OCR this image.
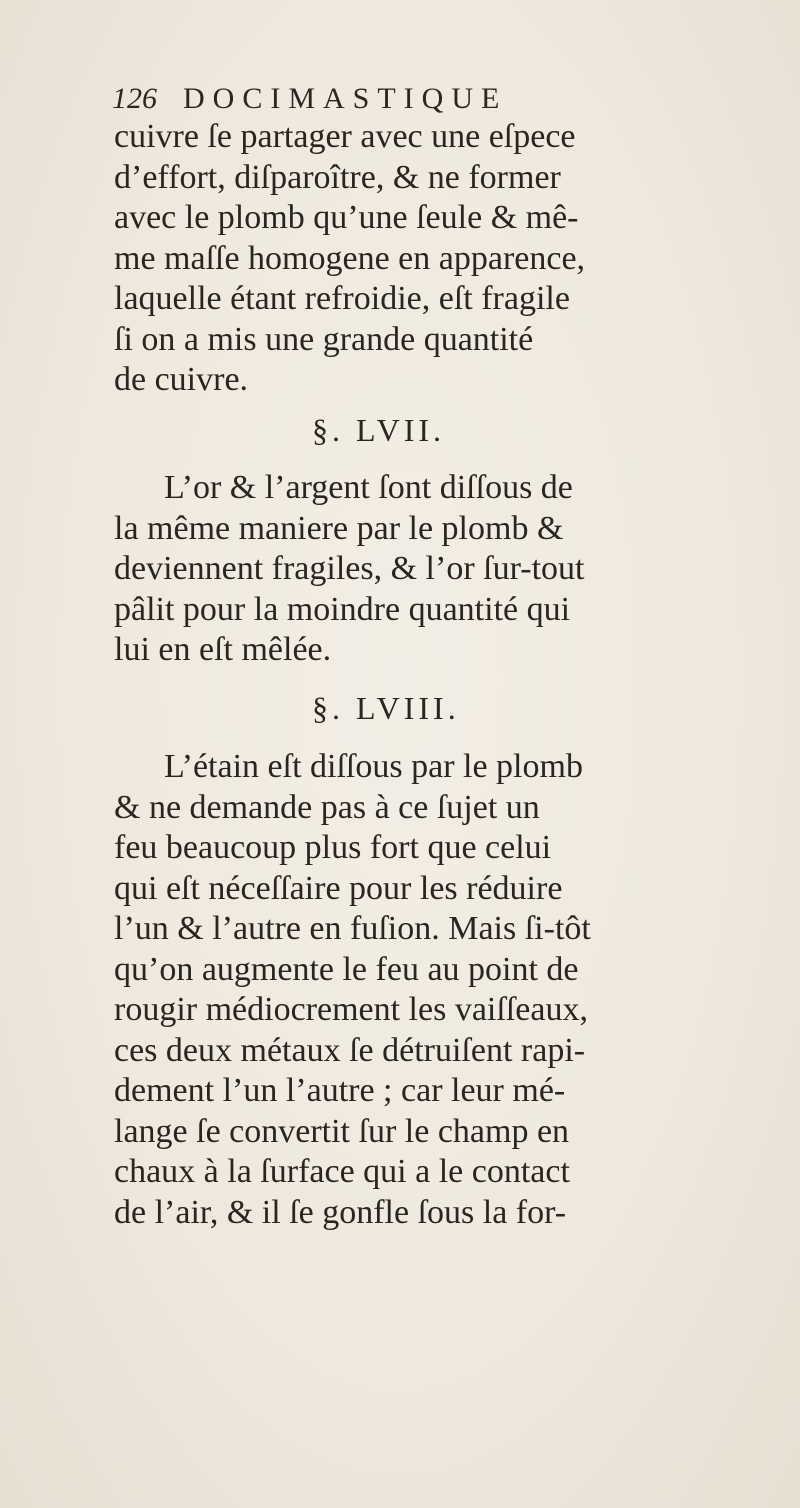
126 DOCIMASTIQUE
cuivre ſe partager avec une eſpece
d’effort, diſparoître, & ne former
avec le plomb qu’une ſeule & mê-
me maſſe homogene en apparence,
laquelle étant refroidie, eſt fragile
ſi on a mis une grande quantité
de cuivre.
§. LVII.
L’or & l’argent ſont diſſous de
la même maniere par le plomb &
deviennent fragiles, & l’or ſur-tout
pâlit pour la moindre quantité qui
lui en eſt mêlée.
§. LVIII.
L’étain eſt diſſous par le plomb
& ne demande pas à ce ſujet un
feu beaucoup plus fort que celui
qui eſt néceſſaire pour les réduire
l’un & l’autre en fuſion. Mais ſi-tôt
qu’on augmente le feu au point de
rougir médiocrement les vaiſſeaux,
ces deux métaux ſe détruiſent rapi-
dement l’un l’autre ; car leur mé-
lange ſe convertit ſur le champ en
chaux à la ſurface qui a le contact
de l’air, & il ſe gonfle ſous la for-
